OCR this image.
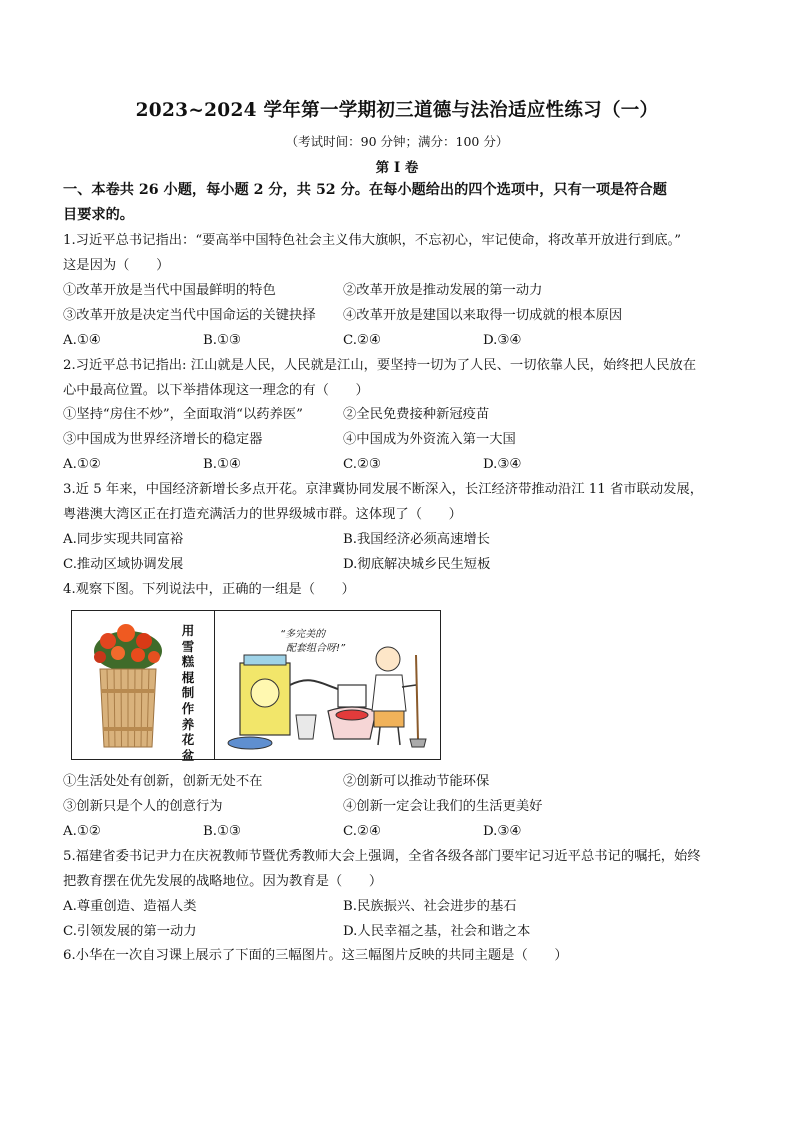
2023~2024 学年第一学期初三道德与法治适应性练习（一）
（考试时间：90 分钟；满分：100 分）
第 I 卷
一、本卷共 26 小题，每小题 2 分，共 52 分。在每小题给出的四个选项中，只有一项是符合题
目要求的。
1.习近平总书记指出：“要高举中国特色社会主义伟大旗帜，不忘初心，牢记使命，将改革开放进行到底。”
这是因为（　　）
①改革开放是当代中国最鲜明的特色	②改革开放是推动发展的第一动力
③改革开放是决定当代中国命运的关键抉择 ④改革开放是建国以来取得一切成就的根本原因
A.①④	B.①③	C.②④	D.③④
2.习近平总书记指出: 江山就是人民，人民就是江山，要坚持一切为了人民、一切依靠人民，始终把人民放在
心中最高位置。以下举措体现这一理念的有（　　）
①坚持“房住不炒”，全面取消“以药养医”	②全民免费接种新冠疫苗
③中国成为世界经济增长的稳定器	④中国成为外资流入第一大国
A.①②	B.①④	C.②③	D.③④
3.近 5 年来，中国经济新增长多点开花。京津冀协同发展不断深入，长江经济带推动沿江 11 省市联动发展，
粤港澳大湾区正在打造充满活力的世界级城市群。这体现了（　　）
A.同步实现共同富裕	B.我国经济必须高速增长
C.推动区域协调发展	D.彻底解决城乡民生短板
4.观察下图。下列说法中，正确的一组是（　　）
用
雪
糕
棍
制
作
养
花
盆
“多完美的
配套组合呀!”
①生活处处有创新，创新无处不在	②创新可以推动节能环保
③创新只是个人的创意行为	④创新一定会让我们的生活更美好
A.①②	B.①③	C.②④	D.③④
5.福建省委书记尹力在庆祝教师节暨优秀教师大会上强调，全省各级各部门要牢记习近平总书记的嘱托，始终
把教育摆在优先发展的战略地位。因为教育是（　　）
A.尊重创造、造福人类	B.民族振兴、社会进步的基石
C.引领发展的第一动力	D.人民幸福之基，社会和谐之本
6.小华在一次自习课上展示了下面的三幅图片。这三幅图片反映的共同主题是（　　）
